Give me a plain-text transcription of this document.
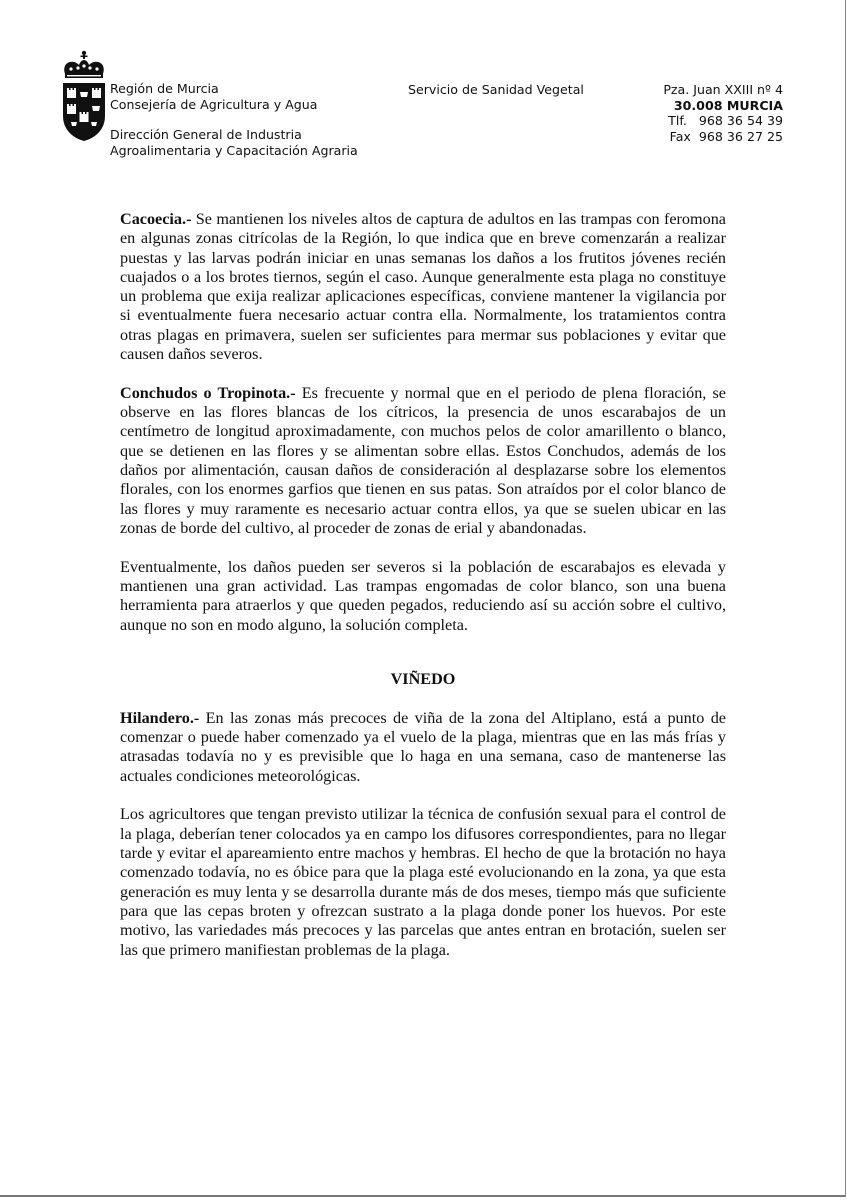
Región de Murcia
Consejería de Agricultura y Agua
Dirección General de Industria
Agroalimentaria y Capacitación Agraria
Servicio de Sanidad Vegetal	Pza. Juan XXIII nº 4
30.008 MURCIA
Tlf.   968 36 54 39
Fax  968 36 27 25

Cacoecia.- Se mantienen los niveles altos de captura de adultos en las trampas con feromona en algunas zonas citrícolas de la Región, lo que indica que en breve comenzarán a realizar puestas y las larvas podrán iniciar en unas semanas los daños a los frutitos jóvenes recién cuajados o a los brotes tiernos, según el caso. Aunque generalmente esta plaga no constituye un problema que exija realizar aplicaciones específicas, conviene mantener la vigilancia por si eventualmente fuera necesario actuar contra ella. Normalmente, los tratamientos contra otras plagas en primavera, suelen ser suficientes para mermar sus poblaciones y evitar que causen daños severos.

Conchudos o Tropinota.- Es frecuente y normal que en el periodo de plena floración, se observe en las flores blancas de los cítricos, la presencia de unos escarabajos de un centímetro de longitud aproximadamente, con muchos pelos de color amarillento o blanco, que se detienen en las flores y se alimentan sobre ellas. Estos Conchudos, además de los daños por alimentación, causan daños de consideración al desplazarse sobre los elementos florales, con los enormes garfios que tienen en sus patas. Son atraídos por el color blanco de las flores y muy raramente es necesario actuar contra ellos, ya que se suelen ubicar en las zonas de borde del cultivo, al proceder de zonas de erial y abandonadas.

Eventualmente, los daños pueden ser severos si la población de escarabajos es elevada y mantienen una gran actividad. Las trampas engomadas de color blanco, son una buena herramienta para atraerlos y que queden pegados, reduciendo así su acción sobre el cultivo, aunque no son en modo alguno, la solución completa.

VIÑEDO

Hilandero.- En las zonas más precoces de viña de la zona del Altiplano, está a punto de comenzar o puede haber comenzado ya el vuelo de la plaga, mientras que en las más frías y atrasadas todavía no y es previsible que lo haga en una semana, caso de mantenerse las actuales condiciones meteorológicas.

Los agricultores que tengan previsto utilizar la técnica de confusión sexual para el control de la plaga, deberían tener colocados ya en campo los difusores correspondientes, para no llegar tarde y evitar el apareamiento entre machos y hembras. El hecho de que la brotación no haya comenzado todavía, no es óbice para que la plaga esté evolucionando en la zona, ya que esta generación es muy lenta y se desarrolla durante más de dos meses, tiempo más que suficiente para que las cepas broten y ofrezcan sustrato a la plaga donde poner los huevos. Por este motivo, las variedades más precoces y las parcelas que antes entran en brotación, suelen ser las que primero manifiestan problemas de la plaga.
